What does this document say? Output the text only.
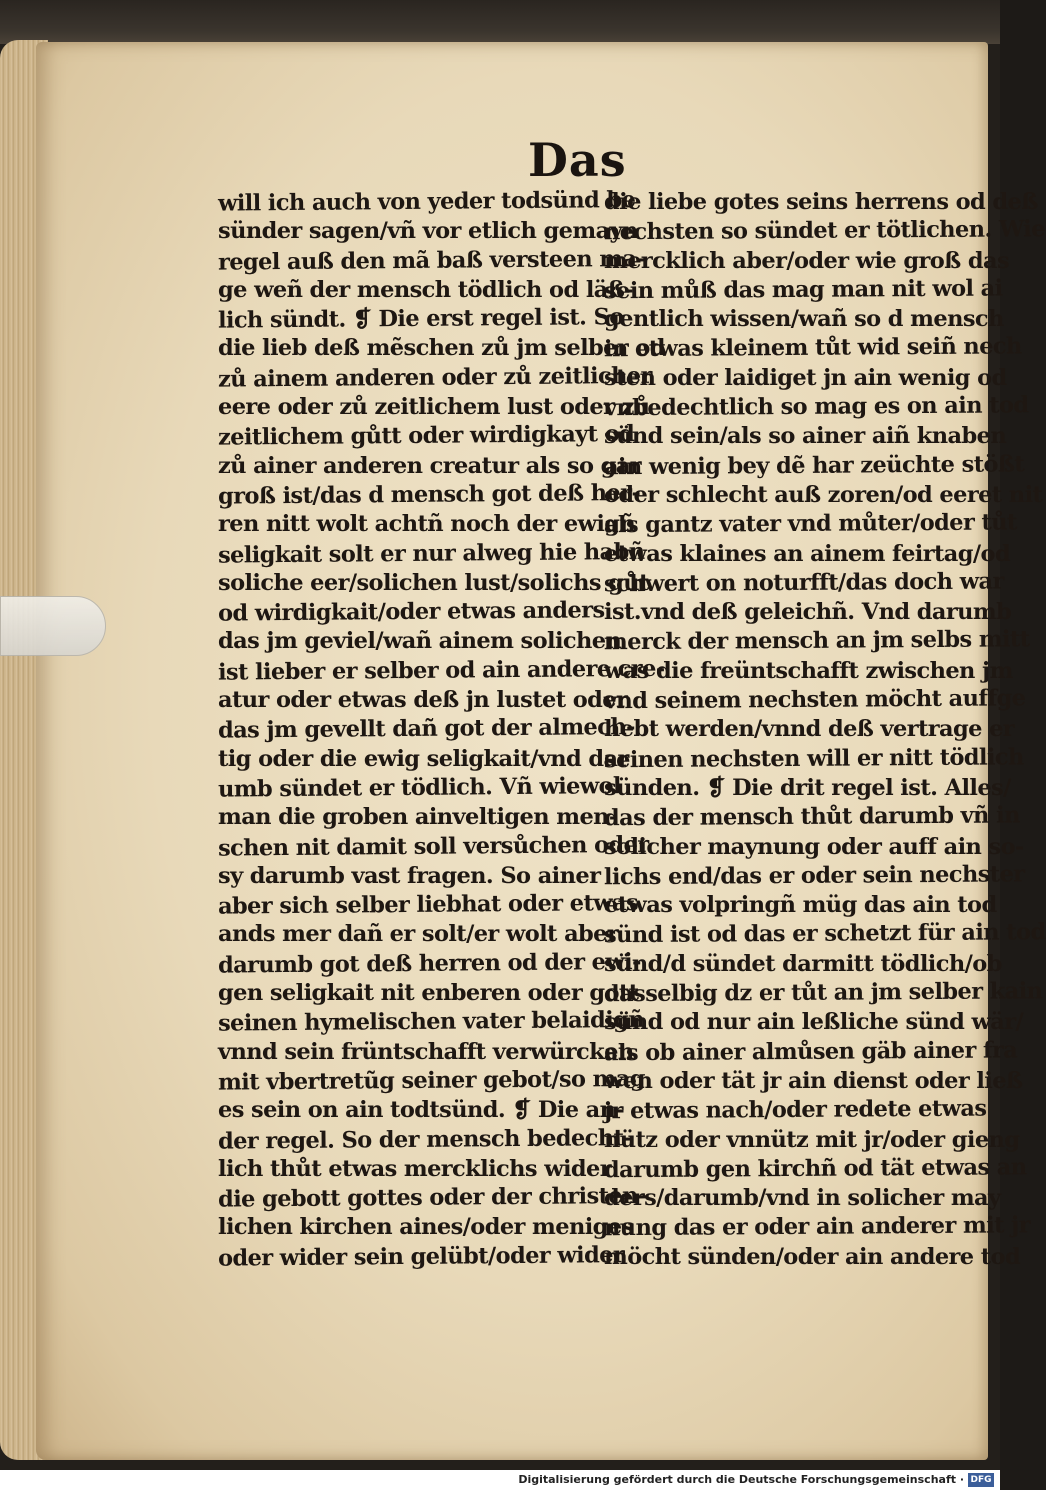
Das
will ich auch von yeder todsünd be
sünder sagen/vñ vor etlich gemayn
regel auß den mã baß versteen ma-
ge weñ der mensch tödlich od läß-
lich sündt. ❡ Die erst regel ist. So
die lieb deß mẽschen zů jm selber od
zů ainem anderen oder zů zeitlicher
eere oder zů zeitlichem lust oder zů
zeitlichem gůtt oder wirdigkayt od
zů ainer anderen creatur als so gar
groß ist/das d mensch got deß her-
ren nitt wolt achtñ noch der ewigñ
seligkait solt er nur alweg hie habñ
soliche eer/solichen lust/solichs gůt
od wirdigkait/oder etwas anders
das jm geviel/wañ ainem solichen
ist lieber er selber od ain andere cre-
atur oder etwas deß jn lustet oder
das jm gevellt dañ got der almech-
tig oder die ewig seligkait/vnd dar
umb sündet er tödlich. Vñ wiewol
man die groben ainveltigen men-
schen nit damit soll versůchen oder
sy darumb vast fragen. So ainer
aber sich selber liebhat oder etwas
ands mer dañ er solt/er wolt aber
darumb got deß herren od der ewi-
gen seligkait nit enberen oder gott
seinen hymelischen vater belaidigñ
vnnd sein früntschafft verwürcken
mit vbertretũg seiner gebot/so mag
es sein on ain todtsünd. ❡ Die an-
der regel. So der mensch bedecht-
lich thůt etwas mercklichs wider
die gebott gottes oder der christen-
lichen kirchen aines/oder meniges
oder wider sein gelübt/oder wider
die liebe gotes seins herrens od deß
nechsten so sündet er tötlichen. Wie
mercklich aber/oder wie groß das
sein můß das mag man nit wol ai
gentlich wissen/wañ so d mensch
in etwas kleinem tůt wid seiñ nech
sten oder laidiget jn ain wenig od
vnbedechtlich so mag es on ain tod
sünd sein/als so ainer aiñ knaben
ain wenig bey dẽ har zeüchte stößt
oder schlecht auß zoren/od eeret nit
als gantz vater vnd můter/oder tůt
etwas klaines an ainem feirtag/od
schwert on noturfft/das doch war
ist.vnd deß geleichñ. Vnd darumb
merck der mensch an jm selbs mitt
was die freüntschafft zwischen jm
vnd seinem nechsten möcht auffge
hebt werden/vnnd deß vertrage er
seinen nechsten will er nitt tödlich
sünden. ❡ Die drit regel ist. Alles/
das der mensch thůt darumb vñ in
solicher maynung oder auff ain so-
lichs end/das er oder sein nechster
etwas volpringñ müg das ain tod
sünd ist od das er schetzt für ain tod
sünd/d sündet darmitt tödlich/ob
dasselbig dz er tůt an jm selber kain
sünd od nur ain leßliche sünd wär/
als ob ainer almůsen gäb ainer fra
wen oder tät jr ain dienst oder ließ
jr etwas nach/oder redete etwas
nütz oder vnnütz mit jr/oder gieng
darumb gen kirchñ od tät etwas an
ders/darumb/vnd in solicher may
nung das er oder ain anderer mit jr
möcht sünden/oder ain andere tod
Digitalisierung gefördert durch die Deutsche Forschungsgemeinschaft · DFG
